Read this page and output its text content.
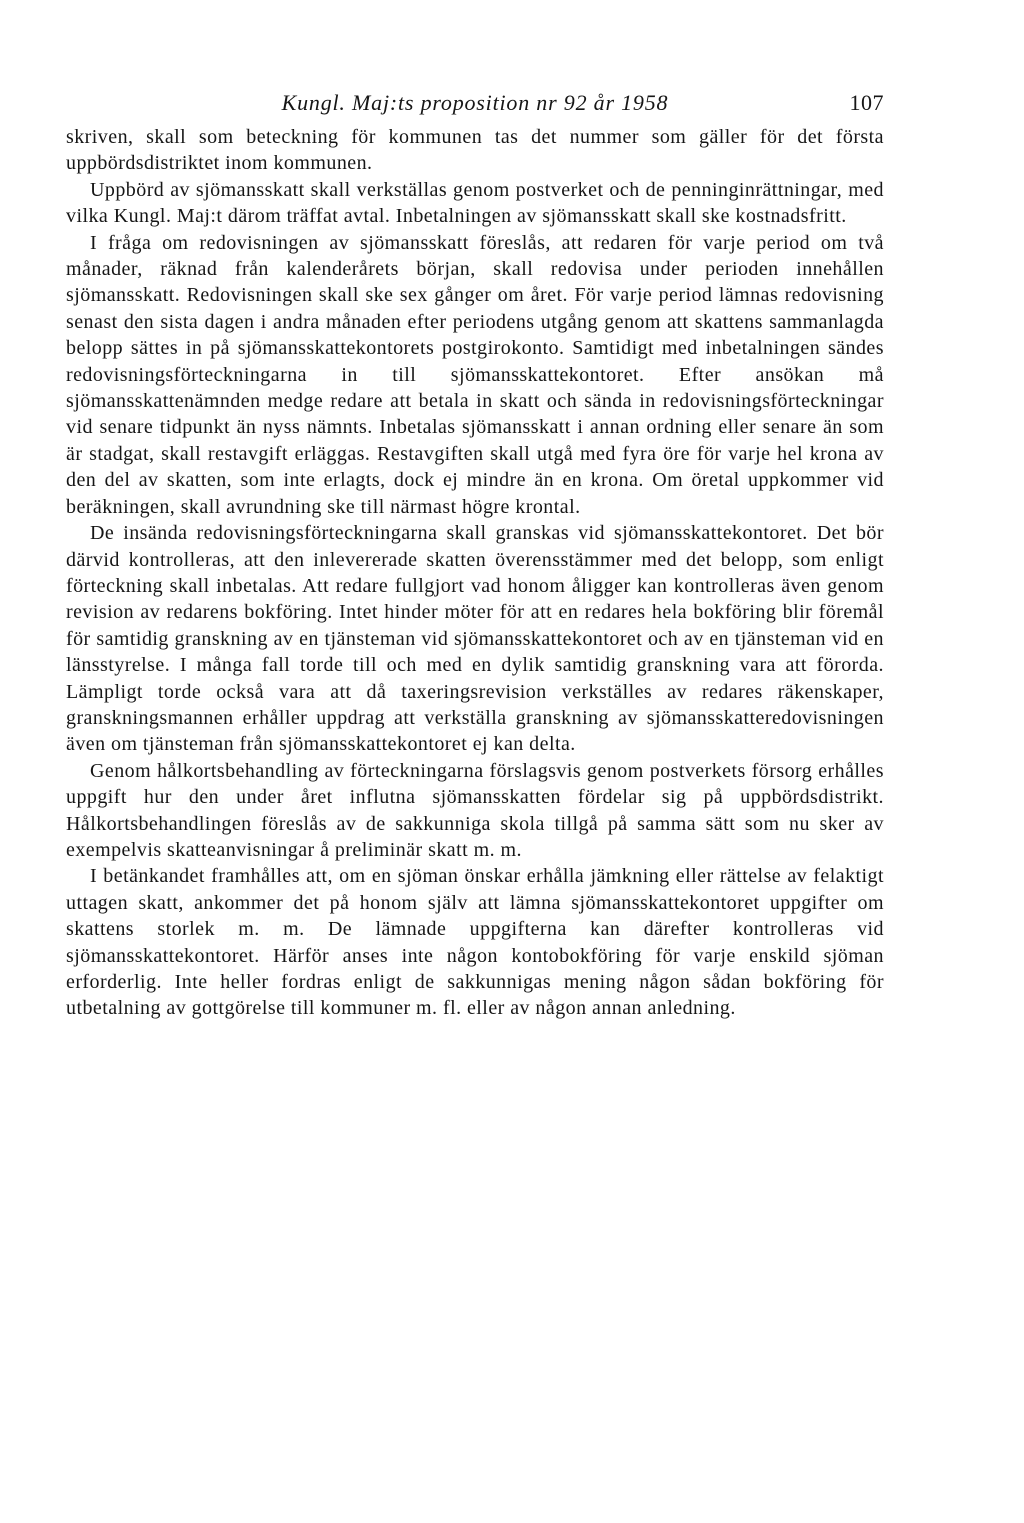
Kungl. Maj:ts proposition nr 92 år 1958	107

skriven, skall som beteckning för kommunen tas det nummer som gäller för det första uppbördsdistriktet inom kommunen.

Uppbörd av sjömansskatt skall verkställas genom postverket och de penninginrättningar, med vilka Kungl. Maj:t därom träffat avtal. Inbetalningen av sjömansskatt skall ske kostnadsfritt.

I fråga om redovisningen av sjömansskatt föreslås, att redaren för varje period om två månader, räknad från kalenderårets början, skall redovisa under perioden innehållen sjömansskatt. Redovisningen skall ske sex gånger om året. För varje period lämnas redovisning senast den sista dagen i andra månaden efter periodens utgång genom att skattens sammanlagda belopp sättes in på sjömansskattekontorets postgirokonto. Samtidigt med inbetalningen sändes redovisningsförteckningarna in till sjömansskattekontoret. Efter ansökan må sjömansskattenämnden medge redare att betala in skatt och sända in redovisningsförteckningar vid senare tidpunkt än nyss nämnts. Inbetalas sjömansskatt i annan ordning eller senare än som är stadgat, skall restavgift erläggas. Restavgiften skall utgå med fyra öre för varje hel krona av den del av skatten, som inte erlagts, dock ej mindre än en krona. Om öretal uppkommer vid beräkningen, skall avrundning ske till närmast högre krontal.

De insända redovisningsförteckningarna skall granskas vid sjömansskattekontoret. Det bör därvid kontrolleras, att den inlevererade skatten överensstämmer med det belopp, som enligt förteckning skall inbetalas. Att redare fullgjort vad honom åligger kan kontrolleras även genom revision av redarens bokföring. Intet hinder möter för att en redares hela bokföring blir föremål för samtidig granskning av en tjänsteman vid sjömansskattekontoret och av en tjänsteman vid en länsstyrelse. I många fall torde till och med en dylik samtidig granskning vara att förorda. Lämpligt torde också vara att då taxeringsrevision verkställes av redares räkenskaper, granskningsmannen erhåller uppdrag att verkställa granskning av sjömansskatteredovisningen även om tjänsteman från sjömansskattekontoret ej kan delta.

Genom hålkortsbehandling av förteckningarna förslagsvis genom postverkets försorg erhålles uppgift hur den under året influtna sjömansskatten fördelar sig på uppbördsdistrikt. Hålkortsbehandlingen föreslås av de sakkunniga skola tillgå på samma sätt som nu sker av exempelvis skatteanvisningar å preliminär skatt m. m.

I betänkandet framhålles att, om en sjöman önskar erhålla jämkning eller rättelse av felaktigt uttagen skatt, ankommer det på honom själv att lämna sjömansskattekontoret uppgifter om skattens storlek m. m. De lämnade uppgifterna kan därefter kontrolleras vid sjömansskattekontoret. Härför anses inte någon kontobokföring för varje enskild sjöman erforderlig. Inte heller fordras enligt de sakkunnigas mening någon sådan bokföring för utbetalning av gottgörelse till kommuner m. fl. eller av någon annan anledning.
